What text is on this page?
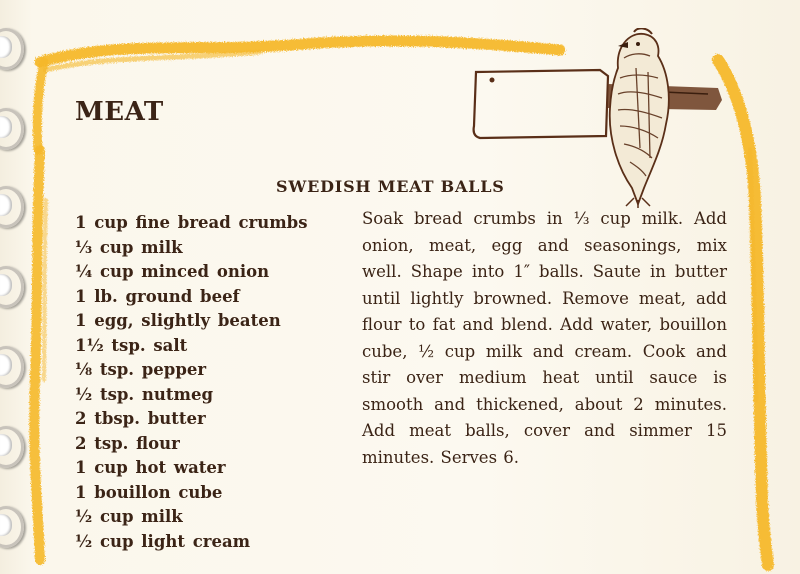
MEAT
SWEDISH MEAT BALLS
1 cup fine bread crumbs
⅓ cup milk
¼ cup minced onion
1 lb. ground beef
1 egg, slightly beaten
1½ tsp. salt
⅛ tsp. pepper
½ tsp. nutmeg
2 tbsp. butter
2 tsp. flour
1 cup hot water
1 bouillon cube
½ cup milk
½ cup light cream

Soak bread crumbs in ⅓ cup milk. Add onion, meat, egg and seasonings, mix well. Shape into 1″ balls. Saute in butter until lightly browned. Remove meat, add flour to fat and blend. Add water, bouillon cube, ½ cup milk and cream. Cook and stir over medium heat until sauce is smooth and thickened, about 2 minutes. Add meat balls, cover and simmer 15 minutes. Serves 6.
